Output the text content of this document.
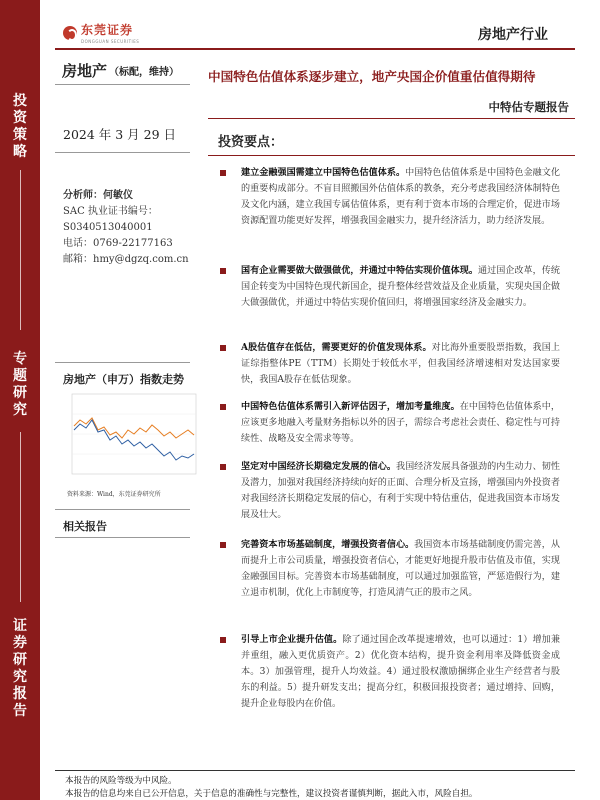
投
资
策
略
专
题
研
究
证
券
研
究
报
告
东莞证券
DONGGUAN SECURITIES	房地产行业
房地产 （标配，维持） 中国特色估值体系逐步建立，地产央国企价值重估值得期待
中特估专题报告
2024 年 3 月 29 日
分析师：何敏仪
SAC 执业证书编号：
S0340513040001
电话：0769-22177163
邮箱：hmy@dgzq.com.cn
房地产（申万）指数走势
资料来源：Wind，东莞证券研究所
相关报告
投资要点：
建立金融强国需建立中国特色估值体系。中国特色估值体系是中国特色金融文化的重要构成部分。不盲目照搬国外估值体系的教条，充分考虑我国经济体制特色及文化内涵，建立我国专属估值体系，更有利于资本市场的合理定价，促进市场资源配置功能更好发挥，增强我国金融实力，提升经济活力，助力经济发展。
国有企业需要做大做强做优，并通过中特估实现价值体现。通过国企改革，传统国企转变为中国特色现代新国企，提升整体经营效益及企业质量，实现央国企做大做强做优，并通过中特估实现价值回归，将增强国家经济及金融实力。
A股估值存在低估，需要更好的价值发现体系。对比海外重要股票指数，我国上证综指整体PE（TTM）长期处于较低水平，但我国经济增速相对发达国家要快，我国A股存在低估现象。
中国特色估值体系需引入新评估因子，增加考量维度。在中国特色估值体系中，应该更多地融入考量财务指标以外的因子，需综合考虑社会责任、稳定性与可持续性、战略及安全需求等等。
坚定对中国经济长期稳定发展的信心。我国经济发展具备强劲的内生动力、韧性及潜力，加强对我国经济持续向好的正面、合理分析及宣扬，增强国内外投资者对我国经济长期稳定发展的信心，有利于实现中特估重估，促进我国资本市场发展及壮大。
完善资本市场基础制度，增强投资者信心。我国资本市场基础制度仍需完善，从而提升上市公司质量，增强投资者信心，才能更好地提升股市估值及市值，实现金融强国目标。完善资本市场基础制度，可以通过加强监管，严惩造假行为，建立退市机制，优化上市制度等，打造风清气正的股市之风。
引导上市企业提升估值。除了通过国企改革提速增效，也可以通过：1）增加兼并重组，融入更优质资产。2）优化资本结构，提升资金利用率及降低资金成本。3）加强管理，提升人均效益。4）通过股权激励捆绑企业生产经营者与股东的利益。5）提升研发支出；提高分红，积极回报投资者；通过增持、回购，提升企业每股内在价值。
本报告的风险等级为中风险。
本报告的信息均来自已公开信息，关于信息的准确性与完整性，建议投资者谨慎判断，据此入市，风险自担。
